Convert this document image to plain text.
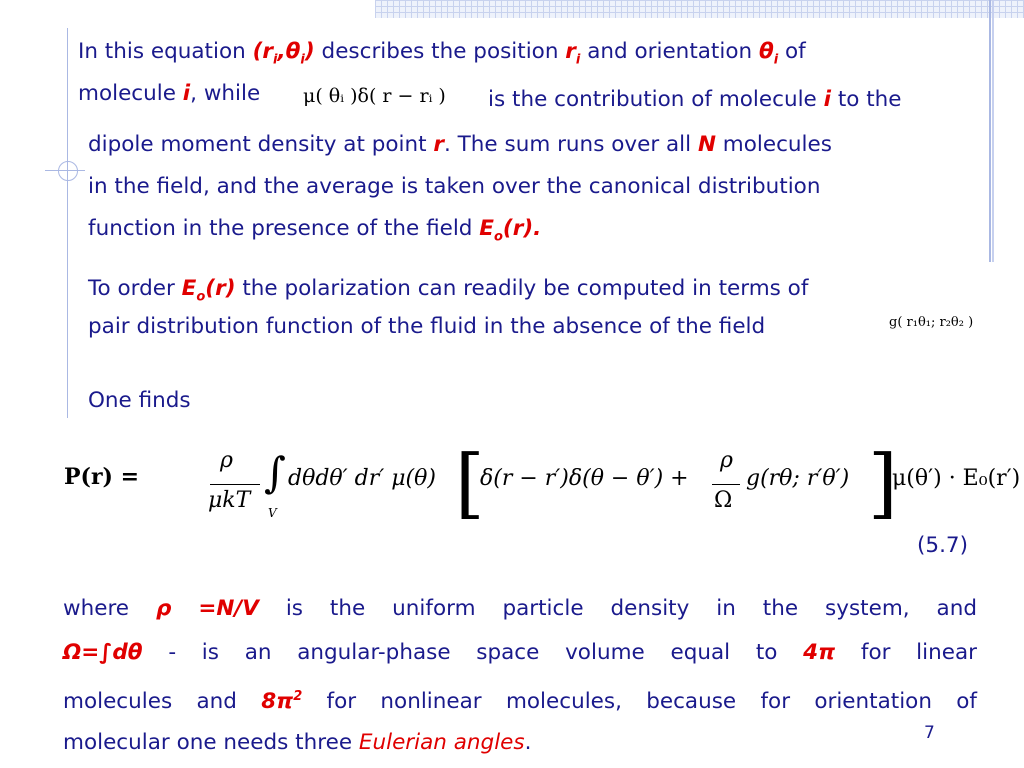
In this equation $(r_i,\theta_i)$ describes the position $r_i$ and orientation $\theta_i$ of
molecule i, while μ( θᵢ )δ( r − rᵢ ) is the contribution of molecule i to the
dipole moment density at point r. The sum runs over all N molecules
in the field, and the average is taken over the canonical distribution
function in the presence of the field $E_o(r)$.
To order $E_o(r)$ the polarization can readily be computed in terms of
pair distribution function of the fluid in the absence of the field	g( r₁θ₁; r₂θ₂ )
One finds
P(r) =
ρ
μkT
∫
V
dθdθ′ dr′ μ(θ) [
δ(r − r′)δ(θ − θ′) +
ρ
Ω
g(rθ; r′θ′) ]
μ(θ′) · E₀(r′)
(5.7)
where ρ =N/V is the uniform particle density in the system, and
Ω=∫dθ - is an angular-phase space volume equal to 4π for linear
molecules and $8\pi^2$ for nonlinear molecules, because for orientation of
molecular one needs three Eulerian angles.	7
